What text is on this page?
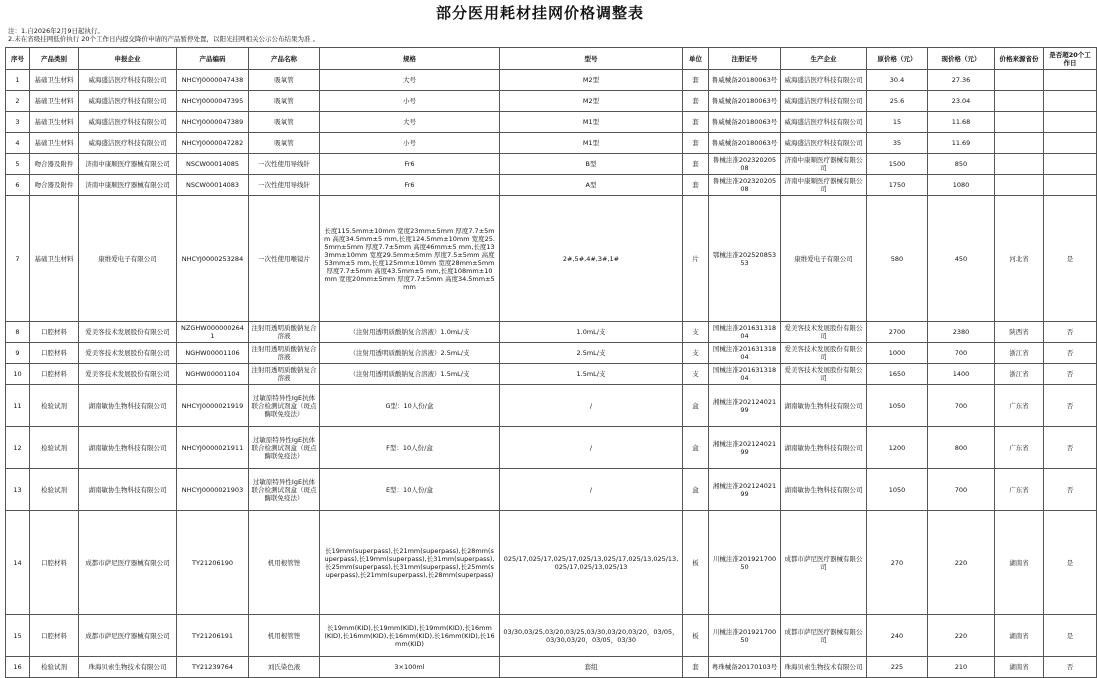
部分医用耗材挂网价格调整表
注：1.自2026年2月9日起执行。
2.未在省级挂网低价执行 20个工作日内提交降价申请的产品暂停处置，以阳光挂网相关公示公布结果为准 。
序号	产品类别	申报企业	产品编码	产品名称	规格	型号	单位	注册证号	生产企业	原价格（元）	现价格（元）	价格来源省份	是否超20个工作日
1	基础卫生材料	威海盛洁医疗科技有限公司	NHCYJ0000047438	吸氧管	大号	M2型	套	鲁威械备20180063号	威海盛洁医疗科技有限公司	30.4	27.36		
2	基础卫生材料	威海盛洁医疗科技有限公司	NHCYJ0000047395	吸氧管	小号	M2型	套	鲁威械备20180063号	威海盛洁医疗科技有限公司	25.6	23.04		
3	基础卫生材料	威海盛洁医疗科技有限公司	NHCYJ0000047389	吸氧管	大号	M1型	套	鲁威械备20180063号	威海盛洁医疗科技有限公司	15	11.68		
4	基础卫生材料	威海盛洁医疗科技有限公司	NHCYJ0000047282	吸氧管	小号	M1型	套	鲁威械备20180063号	威海盛洁医疗科技有限公司	35	11.69		
5	吻合器及附件	济南中康顺医疗器械有限公司	NSCW00014085	一次性使用导线针	Fr6	B型	套	鲁械注准20232020508	济南中康顺医疗器械有限公司	1500	850		
6	吻合器及附件	济南中康顺医疗器械有限公司	NSCW00014083	一次性使用导线针	Fr6	A型	套	鲁械注准20232020508	济南中康顺医疗器械有限公司	1750	1080		
7	基础卫生材料	康维爱电子有限公司	NHCYJ0000253284	一次性使用喉镜片	长度115.5mm±10mm 宽度23mm±5mm 厚度7.7±5mm 高度34.5mm±5 mm,长度124.5mm±10mm 宽度25.5mm±5mm 厚度7.7±5mm 高度46mm±5 mm,长度133mm±10mm 宽度29.5mm±5mm 厚度7.5±5mm 高度53mm±5 mm,长度125mm±10mm 宽度28mm±5mm 厚度7.7±5mm 高度43.5mm±5 mm,长度108mm±10mm 宽度20mm±5mm 厚度7.7±5mm 高度34.5mm±5 mm	2#,5#,4#,3#,1#	片	鄂械注准20252085353	康维爱电子有限公司	580	450	河北省	是
8	口腔材料	爱美客技术发展股份有限公司	NZGHW0000002641	注射用透明质酸钠复合溶液	（注射用透明质酸钠复合溶液）1.0mL/支	1.0mL/支	支	国械注准20163131804	爱美客技术发展股份有限公司	2700	2380	陕西省	否
9	口腔材料	爱美客技术发展股份有限公司	NGHW00001106	注射用透明质酸钠复合溶液	（注射用透明质酸钠复合溶液）2.5mL/支	2.5mL/支	支	国械注准20163131804	爱美客技术发展股份有限公司	1000	700	浙江省	否
10	口腔材料	爱美客技术发展股份有限公司	NGHW00001104	注射用透明质酸钠复合溶液	（注射用透明质酸钠复合溶液）1.5mL/支	1.5mL/支	支	国械注准20163131804	爱美客技术发展股份有限公司	1650	1400	浙江省	否
11	检验试剂	湖南敏协生物科技有限公司	NHCYJ0000021919	过敏原特异性IgE抗体联合检测试剂盒（斑点酶联免疫法）	G型：10人份/盒	/	盒	湘械注准20212402199	湖南敏协生物科技有限公司	1050	700	广东省	否
12	检验试剂	湖南敏协生物科技有限公司	NHCYJ0000021911	过敏原特异性IgE抗体联合检测试剂盒（斑点酶联免疫法）	F型：10人份/盒	/	盒	湘械注准20212402199	湖南敏协生物科技有限公司	1200	800	广东省	否
13	检验试剂	湖南敏协生物科技有限公司	NHCYJ0000021903	过敏原特异性IgE抗体联合检测试剂盒（斑点酶联免疫法）	E型：10人份/盒	/	盒	湘械注准20212402199	湖南敏协生物科技有限公司	1050	700	广东省	否
14	口腔材料	成都市萨尼医疗器械有限公司	TY21206190	机用根管锉	长19mm(superpass),长21mm(superpass),长28mm(superpass),长19mm(superpass),长31mm(superpass),长25mm(superpass),长31mm(superpass),长25mm(superpass),长21mm(superpass),长28mm(superpass)	025/17,025/17,025/17,025/13,025/17,025/13,025/13,025/17,025/13,025/13	板	川械注准20192170050	成都市萨尼医疗器械有限公司	270	220	湖南省	是
15	口腔材料	成都市萨尼医疗器械有限公司	TY21206191	机用根管锉	长19mm(KID),长19mm(KID),长19mm(KID),长16mm(KID),长16mm(KID),长16mm(KID),长16mm(KID),长16mm(KID)	03/30,03/25,03/20,03/25,03/30,03/20,03/20，03/05，03/30,03/20，03/05，03/30	板	川械注准20192170050	成都市萨尼医疗器械有限公司	240	220	湖南省	是
16	检验试剂	珠海贝索生物技术有限公司	TY21239764	刘氏染色液	3×100ml	套组	套	粤珠械备20170103号	珠海贝索生物技术有限公司	225	210	湖南省	否
